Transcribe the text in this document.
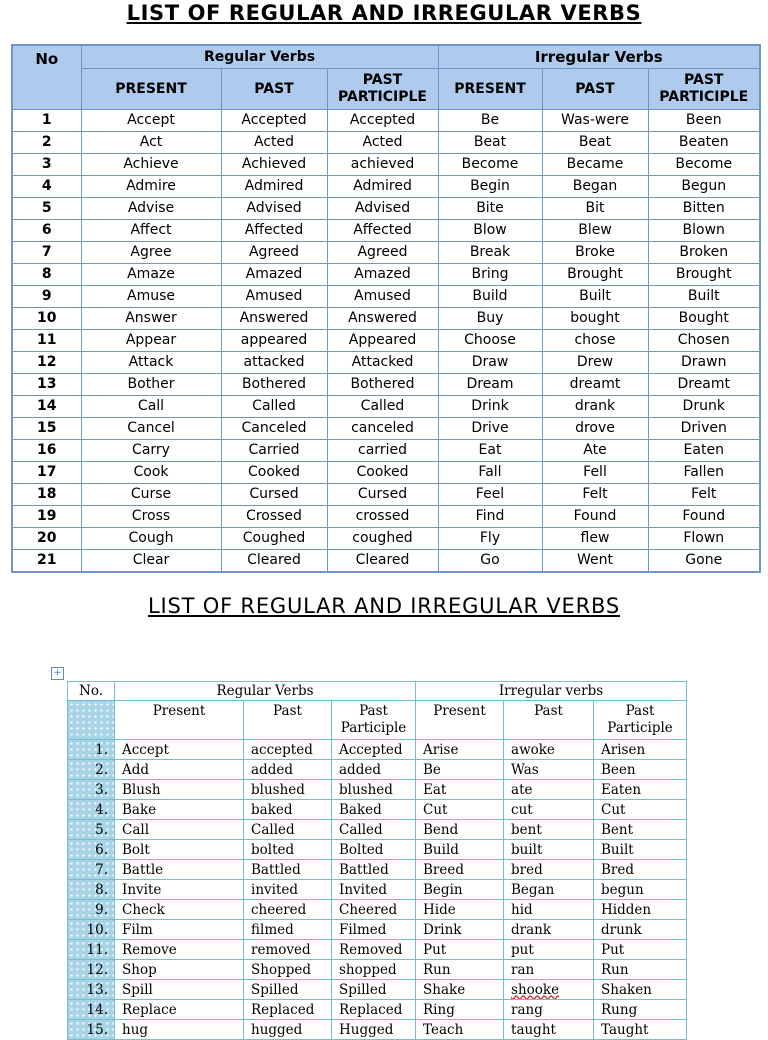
LIST OF REGULAR AND IRREGULAR VERBS
No	Regular Verbs			Irregular Verbs		
	PRESENT	PAST	PAST PARTICIPLE	PRESENT	PAST	PAST PARTICIPLE
1	Accept	Accepted	Accepted	Be	Was-were	Been
2	Act	Acted	Acted	Beat	Beat	Beaten
3	Achieve	Achieved	achieved	Become	Became	Become
4	Admire	Admired	Admired	Begin	Began	Begun
5	Advise	Advised	Advised	Bite	Bit	Bitten
6	Affect	Affected	Affected	Blow	Blew	Blown
7	Agree	Agreed	Agreed	Break	Broke	Broken
8	Amaze	Amazed	Amazed	Bring	Brought	Brought
9	Amuse	Amused	Amused	Build	Built	Built
10	Answer	Answered	Answered	Buy	bought	Bought
11	Appear	appeared	Appeared	Choose	chose	Chosen
12	Attack	attacked	Attacked	Draw	Drew	Drawn
13	Bother	Bothered	Bothered	Dream	dreamt	Dreamt
14	Call	Called	Called	Drink	drank	Drunk
15	Cancel	Canceled	canceled	Drive	drove	Driven
16	Carry	Carried	carried	Eat	Ate	Eaten
17	Cook	Cooked	Cooked	Fall	Fell	Fallen
18	Curse	Cursed	Cursed	Feel	Felt	Felt
19	Cross	Crossed	crossed	Find	Found	Found
20	Cough	Coughed	coughed	Fly	flew	Flown
21	Clear	Cleared	Cleared	Go	Went	Gone
LIST OF REGULAR AND IRREGULAR VERBS
+
No.	Regular Verbs			Irregular verbs		
	Present	Past	Past Participle	Present	Past	Past Participle
1.	Accept	accepted	Accepted	Arise	awoke	Arisen
2.	Add	added	added	Be	Was	Been
3.	Blush	blushed	blushed	Eat	ate	Eaten
4.	Bake	baked	Baked	Cut	cut	Cut
5.	Call	Called	Called	Bend	bent	Bent
6.	Bolt	bolted	Bolted	Build	built	Built
7.	Battle	Battled	Battled	Breed	bred	Bred
8.	Invite	invited	Invited	Begin	Began	begun
9.	Check	cheered	Cheered	Hide	hid	Hidden
10.	Film	filmed	Filmed	Drink	drank	drunk
11.	Remove	removed	Removed	Put	put	Put
12.	Shop	Shopped	shopped	Run	ran	Run
13.	Spill	Spilled	Spilled	Shake	shooke	Shaken
14.	Replace	Replaced	Replaced	Ring	rang	Rung
15.	hug	hugged	Hugged	Teach	taught	Taught
